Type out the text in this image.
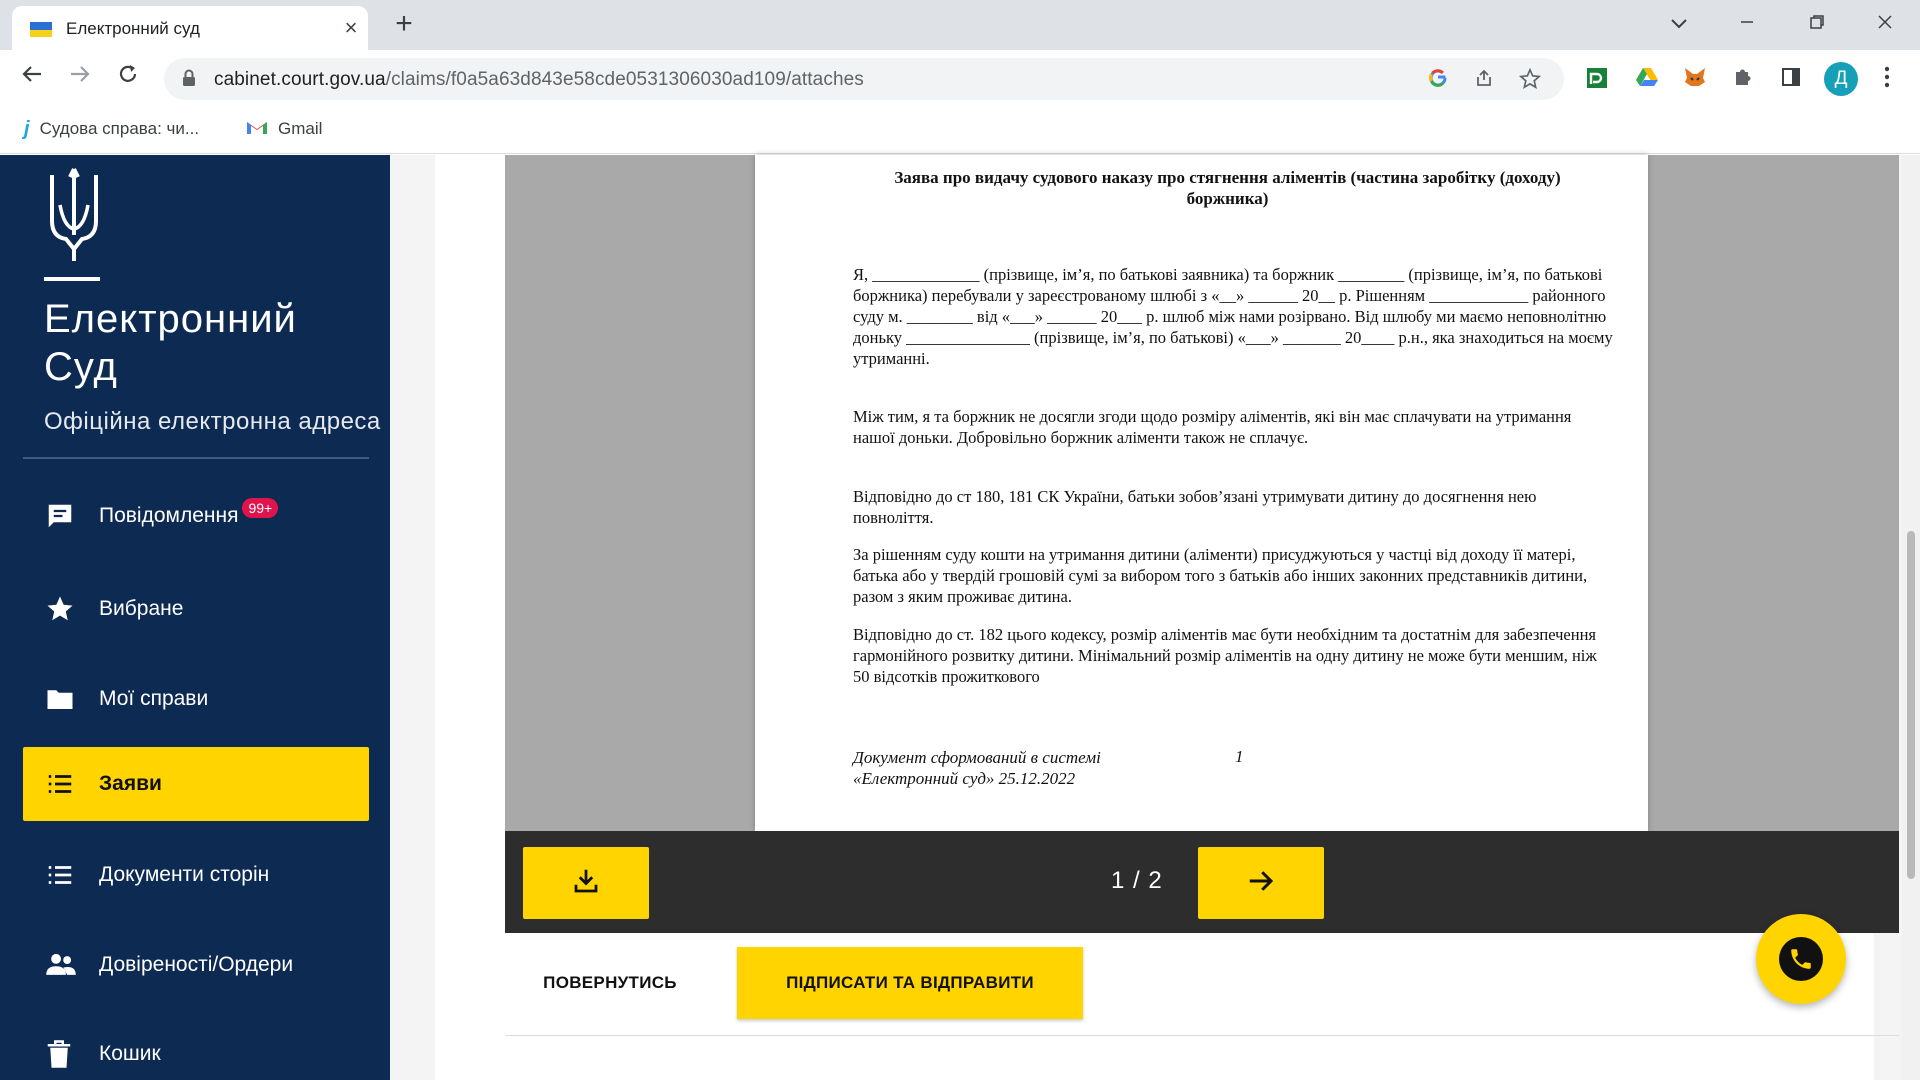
Електронний суд	× +
cabinet.court.gov.ua/claims/f0a5a63d843e58cde0531306030ad109/attaches	Д
j Судова справа: чи...	Gmail
Електронний Суд
Офіційна електронна адреса
Повідомлення 99+
Вибране
Мої справи
Заяви
Документи сторін
Довіреності/Ордери
Кошик
Заява про видачу судового наказу про стягнення аліментів (частина заробітку (доходу) боржника)
Я, _____________ (прізвище, ім’я, по батькові заявника) та боржник ________ (прізвище, ім’я, по батькові боржника) перебували у зареєстрованому шлюбі з «__» ______ 20__ р. Рішенням ____________ районного суду м. ________ від «___» ______ 20___ р. шлюб між нами розірвано. Від шлюбу ми маємо неповнолітню доньку _______________ (прізвище, ім’я, по батькові) «___» _______ 20____ р.н., яка знаходиться на моєму утриманні.
Між тим, я та боржник не досягли згоди щодо розміру аліментів, які він має сплачувати на утримання нашої доньки. Добровільно боржник аліменти також не сплачує.
Відповідно до ст 180, 181 СК України, батьки зобов’язані утримувати дитину до досягнення нею повноліття.
За рішенням суду кошти на утримання дитини (аліменти) присуджуються у частці від доходу її матері, батька або у твердій грошовій сумі за вибором того з батьків або інших законних представників дитини, разом з яким проживає дитина.
Відповідно до ст. 182 цього кодексу, розмір аліментів має бути необхідним та достатнім для забезпечення гармонійного розвитку дитини. Мінімальний розмір аліментів на одну дитину не може бути меншим, ніж 50 відсотків прожиткового
Документ сформований в системі
«Електронний суд» 25.12.2022
1
1 / 2
ПОВЕРНУТИСЬ	ПІДПИСАТИ ТА ВІДПРАВИТИ
